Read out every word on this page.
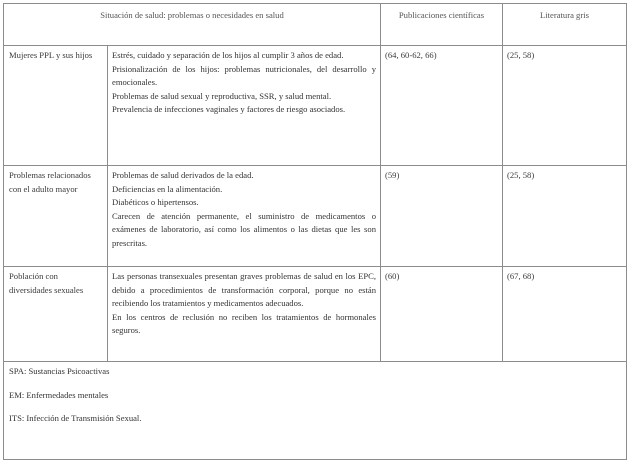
Situación de salud: problemas o necesidades en salud		Publicaciones científicas	Literatura gris
Mujeres PPL y sus hijos	Estrés, cuidado y separación de los hijos al cumplir 3 años de edad.

Prisionalización de los hijos: problemas nutricionales, del desarrollo y emocionales.

Problemas de salud sexual y reproductiva, SSR, y salud mental.

Prevalencia de infecciones vaginales y factores de riesgo asociados.	(64, 60-62, 66)	(25, 58)
Problemas relacionados con el adulto mayor	Problemas de salud derivados de la edad.

Deficiencias en la alimentación.

Diabéticos o hipertensos.

Carecen de atención permanente, el suministro de medicamentos o exámenes de laboratorio, así como los alimentos o las dietas que les son prescritas.	(59)	(25, 58)
Población con diversidades sexuales	Las personas transexuales presentan graves problemas de salud en los EPC, debido a procedimientos de transformación corporal, porque no están recibiendo los tratamientos y medicamentos adecuados.

En los centros de reclusión no reciben los tratamientos de hormonales seguros.	(60)	(67, 68)

SPA: Sustancias Psicoactivas
EM: Enfermedades mentales
ITS: Infección de Transmisión Sexual.			
